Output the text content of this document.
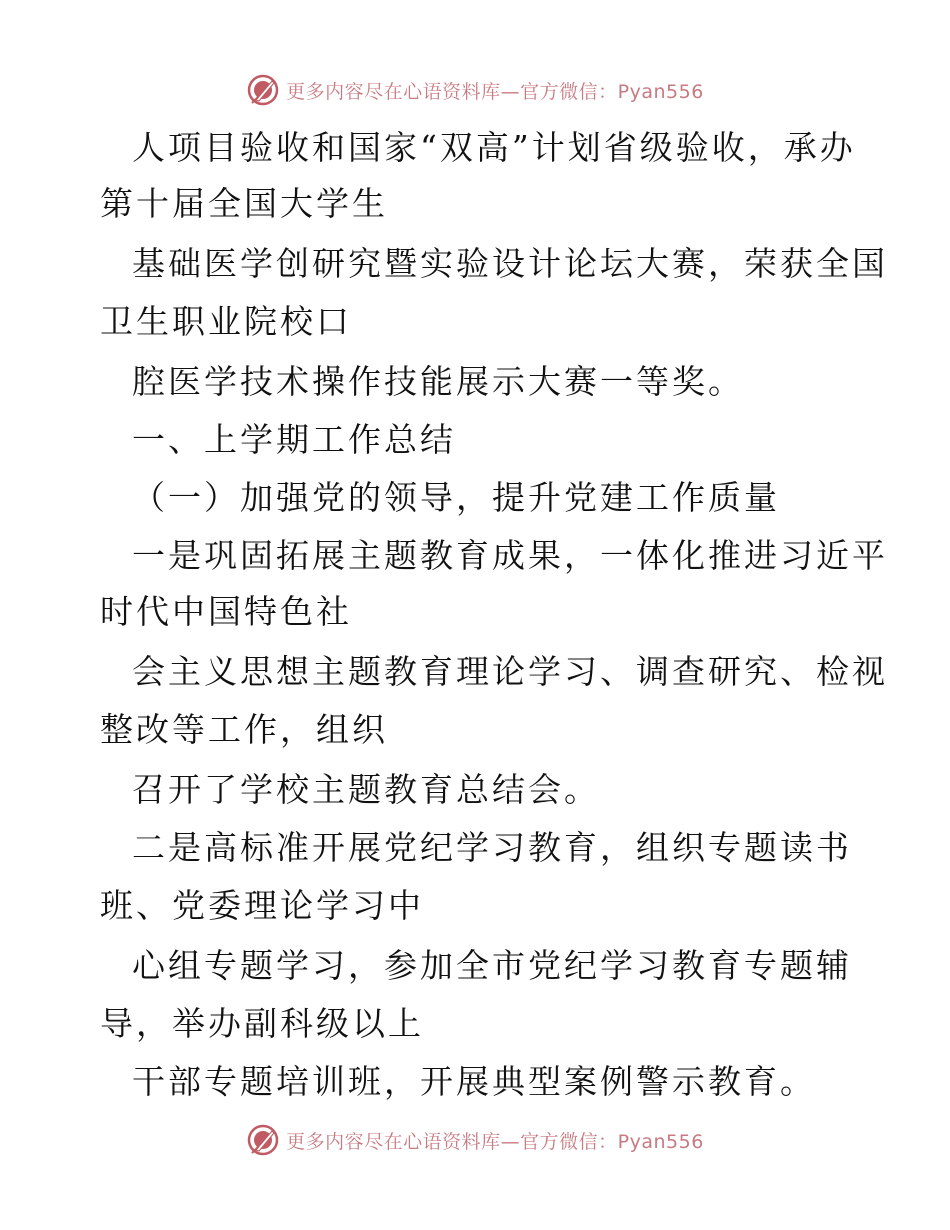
更多内容尽在心语资料库—官方微信：Pyan556
人项目验收和国家“双高”计划省级验收，承办
第十届全国大学生
基础医学创研究暨实验设计论坛大赛，荣获全国
卫生职业院校口
腔医学技术操作技能展示大赛一等奖。
一、上学期工作总结
（一）加强党的领导，提升党建工作质量
一是巩固拓展主题教育成果，一体化推进习近平
时代中国特色社
会主义思想主题教育理论学习、调查研究、检视
整改等工作，组织
召开了学校主题教育总结会。
二是高标准开展党纪学习教育，组织专题读书
班、党委理论学习中
心组专题学习，参加全市党纪学习教育专题辅
导，举办副科级以上
干部专题培训班，开展典型案例警示教育。
更多内容尽在心语资料库—官方微信：Pyan556
